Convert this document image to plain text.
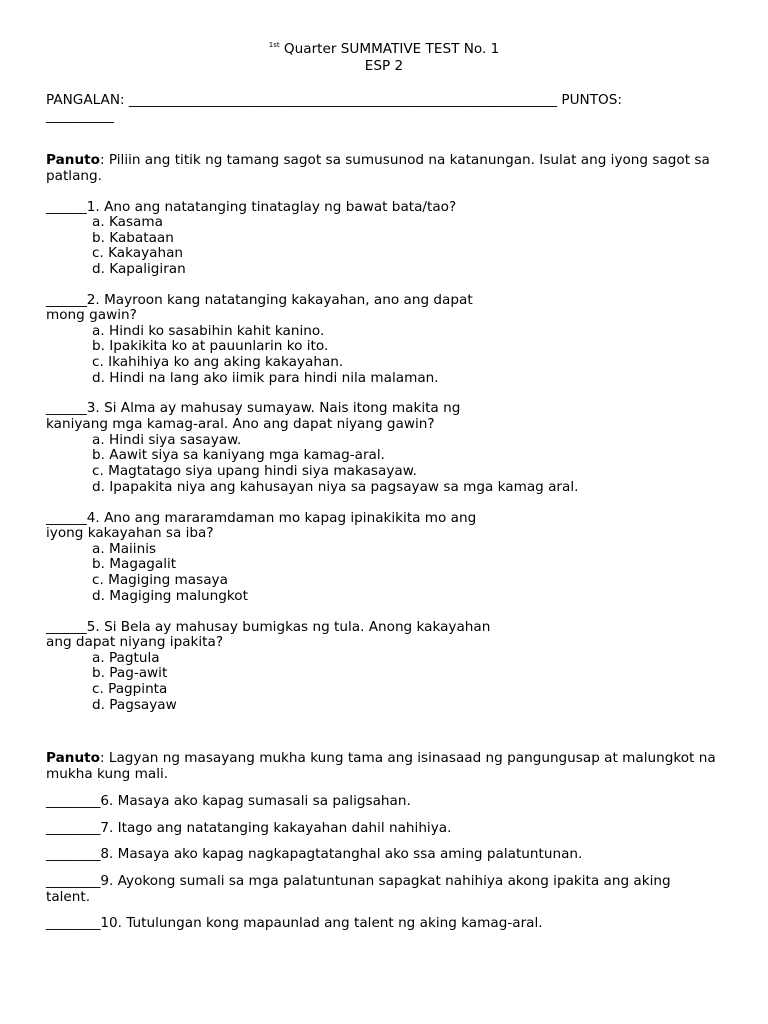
$^{1st}$ Quarter SUMMATIVE TEST No. 1
ESP 2
PANGALAN: _______________________________________________________________ PUNTOS:
__________
Panuto: Piliin ang titik ng tamang sagot sa sumusunod na katanungan. Isulat ang iyong sagot sa patlang.
______1. Ano ang natatanging tinataglay ng bawat bata/tao?
a. Kasama
b. Kabataan
c. Kakayahan
d. Kapaligiran
______2. Mayroon kang natatanging kakayahan, ano ang dapat
mong gawin?
a. Hindi ko sasabihin kahit kanino.
b. Ipakikita ko at pauunlarin ko ito.
c. Ikahihiya ko ang aking kakayahan.
d. Hindi na lang ako iimik para hindi nila malaman.
______3. Si Alma ay mahusay sumayaw. Nais itong makita ng
kaniyang mga kamag-aral. Ano ang dapat niyang gawin?
a. Hindi siya sasayaw.
b. Aawit siya sa kaniyang mga kamag-aral.
c. Magtatago siya upang hindi siya makasayaw.
d. Ipapakita niya ang kahusayan niya sa pagsayaw sa mga kamag aral.
______4. Ano ang mararamdaman mo kapag ipinakikita mo ang
iyong kakayahan sa iba?
a. Maiinis
b. Magagalit
c. Magiging masaya
d. Magiging malungkot
______5. Si Bela ay mahusay bumigkas ng tula. Anong kakayahan
ang dapat niyang ipakita?
a. Pagtula
b. Pag-awit
c. Pagpinta
d. Pagsayaw
Panuto: Lagyan ng masayang mukha kung tama ang isinasaad ng pangungusap at malungkot na mukha kung mali.
________6. Masaya ako kapag sumasali sa paligsahan.
________7. Itago ang natatanging kakayahan dahil nahihiya.
________8. Masaya ako kapag nagkapagtatanghal ako ssa aming palatuntunan.
________9. Ayokong sumali sa mga palatuntunan sapagkat nahihiya akong ipakita ang aking
talent.
________10. Tutulungan kong mapaunlad ang talent ng aking kamag-aral.
